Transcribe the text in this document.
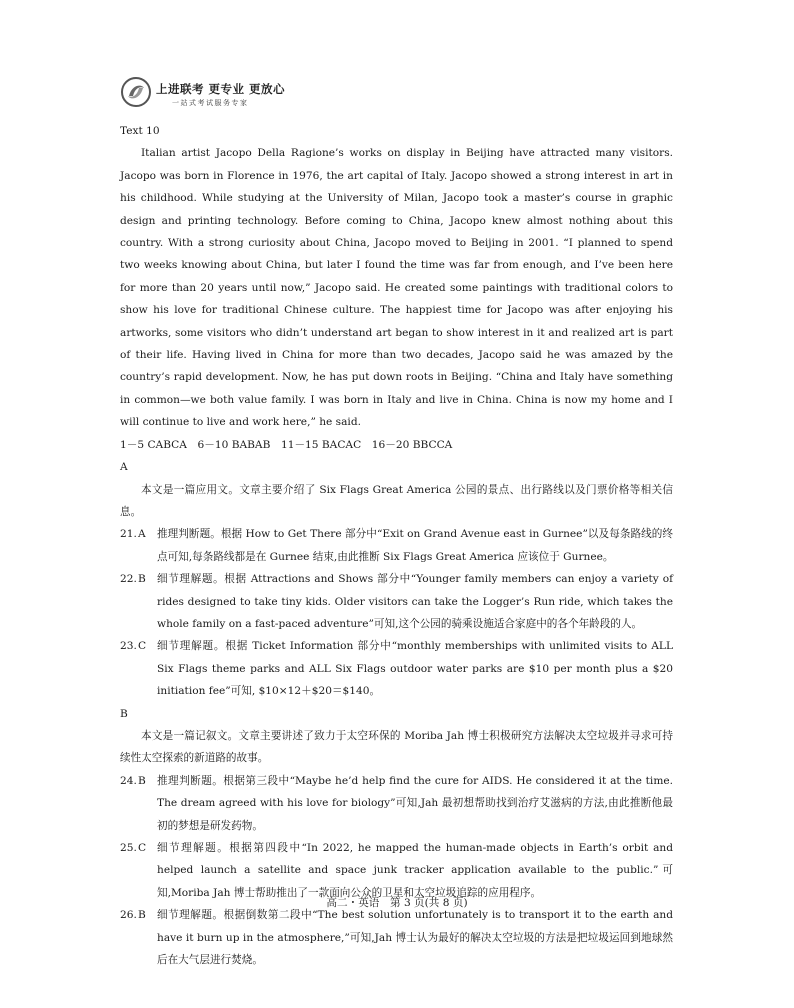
上进联考 更专业 更放心
一站式考试服务专家

Text 10

Italian artist Jacopo Della Ragione’s works on display in Beijing have attracted many visitors. Jacopo was born in Florence in 1976, the art capital of Italy. Jacopo showed a strong interest in art in his childhood. While studying at the University of Milan, Jacopo took a master’s course in graphic design and printing technology. Before coming to China, Jacopo knew almost nothing about this country. With a strong curiosity about China, Jacopo moved to Beijing in 2001. “I planned to spend two weeks knowing about China, but later I found the time was far from enough, and I’ve been here for more than 20 years until now,” Jacopo said. He created some paintings with traditional colors to show his love for traditional Chinese culture. The happiest time for Jacopo was after enjoying his artworks, some visitors who didn’t understand art began to show interest in it and realized art is part of their life. Having lived in China for more than two decades, Jacopo said he was amazed by the country’s rapid development. Now, he has put down roots in Beijing. “China and Italy have something in common—we both value family. I was born in Italy and live in China. China is now my home and I will continue to live and work here,” he said.

1－5 CABCA　6－10 BABAB　11－15 BACAC　16－20 BBCCA

A

本文是一篇应用文。文章主要介绍了 Six Flags Great America 公园的景点、出行路线以及门票价格等相关信息。

21. A	推理判断题。根据 How to Get There 部分中“Exit on Grand Avenue east in Gurnee”以及每条路线的终点可知,每条路线都是在 Gurnee 结束,由此推断 Six Flags Great America 应该位于 Gurnee。
22. B	细节理解题。根据 Attractions and Shows 部分中“Younger family members can enjoy a variety of rides designed to take tiny kids. Older visitors can take the Logger’s Run ride, which takes the whole family on a fast-paced adventure”可知,这个公园的骑乘设施适合家庭中的各个年龄段的人。
23. C	细节理解题。根据 Ticket Information 部分中“monthly memberships with unlimited visits to ALL Six Flags theme parks and ALL Six Flags outdoor water parks are $10 per month plus a $20 initiation fee”可知, $10×12＋$20＝$140。

B

本文是一篇记叙文。文章主要讲述了致力于太空环保的 Moriba Jah 博士积极研究方法解决太空垃圾并寻求可持续性太空探索的新道路的故事。

24. B	推理判断题。根据第三段中“Maybe he’d help find the cure for AIDS. He considered it at the time. The dream agreed with his love for biology”可知,Jah 最初想帮助找到治疗艾滋病的方法,由此推断他最初的梦想是研发药物。
25. C	细节理解题。根据第四段中“In 2022, he mapped the human-made objects in Earth’s orbit and helped launch a satellite and space junk tracker application available to the public.”可知,Moriba Jah 博士帮助推出了一款面向公众的卫星和太空垃圾追踪的应用程序。
26. B	细节理解题。根据倒数第二段中“The best solution unfortunately is to transport it to the earth and have it burn up in the atmosphere,”可知,Jah 博士认为最好的解决太空垃圾的方法是把垃圾运回到地球然后在大气层进行焚烧。
高二・英语　第 3 页(共 8 页)
